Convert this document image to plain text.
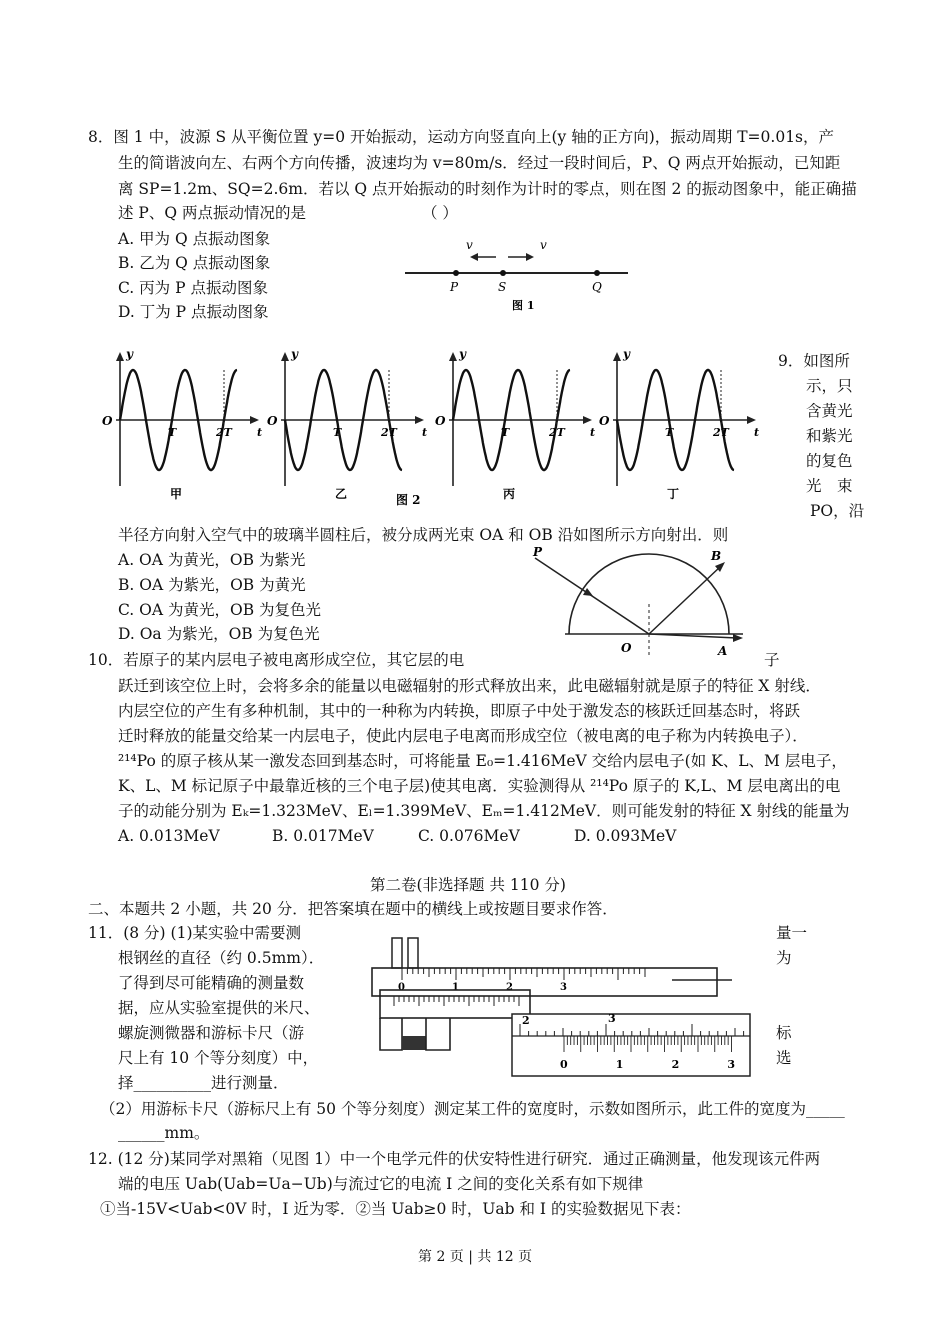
8．图 1 中，波源 S 从平衡位置 y=0 开始振动，运动方向竖直向上(y 轴的正方向)，振动周期 T=0.01s，产
生的简谐波向左、右两个方向传播，波速均为 v=80m/s．经过一段时间后，P、Q 两点开始振动，已知距
离 SP=1.2m、SQ=2.6m．若以 Q 点开始振动的时刻作为计时的零点，则在图 2 的振动图象中，能正确描
述 P、Q 两点振动情况的是	（ ）
A. 甲为 Q 点振动图象
B. 乙为 Q 点振动图象
C. 丙为 P 点振动图象
D. 丁为 P 点振动图象
v	v
P	S	Q
图 1
y
O
T	2T t
甲
y
O
T	2T t
乙
y
O
T	2T t
丙
y
O
T	2T t
丁
图 2
9．如图所
示，只
含黄光
和紫光
的复色
光　束
PO，沿
半径方向射入空气中的玻璃半圆柱后，被分成两光束 OA 和 OB 沿如图所示方向射出．则
A. OA 为黄光，OB 为紫光
B. OA 为紫光，OB 为黄光
C. OA 为黄光，OB 为复色光
D. Oa 为紫光，OB 为复色光
P	B
O	A
10．若原子的某内层电子被电离形成空位，其它层的电	子
跃迁到该空位上时，会将多余的能量以电磁辐射的形式释放出来，此电磁辐射就是原子的特征 X 射线．
内层空位的产生有多种机制，其中的一种称为内转换，即原子中处于激发态的核跃迁回基态时，将跃
迁时释放的能量交给某一内层电子，使此内层电子电离而形成空位（被电离的电子称为内转换电子）．
²¹⁴Po 的原子核从某一激发态回到基态时，可将能量 E₀=1.416MeV 交给内层电子(如 K、L、M 层电子，
K、L、M 标记原子中最靠近核的三个电子层)使其电离．实验测得从 ²¹⁴Po 原子的 K,L、M 层电离出的电
子的动能分别为 Eₖ=1.323MeV、Eₗ=1.399MeV、Eₘ=1.412MeV．则可能发射的特征 X 射线的能量为
A. 0.013MeV	B. 0.017MeV	C. 0.076MeV	D. 0.093MeV
第二卷(非选择题 共 110 分)
二、本题共 2 小题，共 20 分．把答案填在题中的横线上或按题目要求作答．
11．(8 分) (1)某实验中需要测
根钢丝的直径（约 0.5mm）．
了得到尽可能精确的测量数
据，应从实验室提供的米尺、
螺旋测微器和游标卡尺（游
尺上有 10 个等分刻度）中，
择__________进行测量．
量一
为
标
选
（2）用游标卡尺（游标尺上有 50 个等分刻度）测定某工件的宽度时，示数如图所示，此工件的宽度为_____
______mm。
0	1	2	3
2	3
0	1	2	3
12. (12 分)某同学对黑箱（见图 1）中一个电学元件的伏安特性进行研究．通过正确测量，他发现该元件两
端的电压 Uab(Uab=Ua−Ub)与流过它的电流 I 之间的变化关系有如下规律
①当-15V<Uab<0V 时，I 近为零．②当 Uab≥0 时，Uab 和 I 的实验数据见下表：
第 2 页 | 共 12 页
